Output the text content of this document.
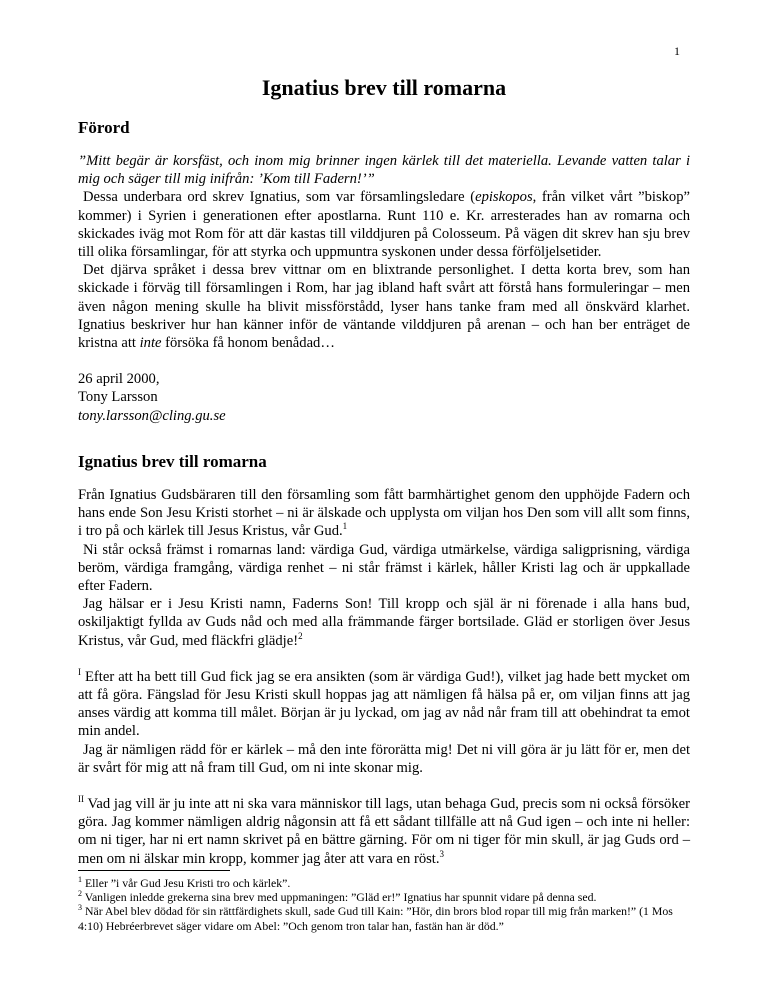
1
Ignatius brev till romarna
Förord

”Mitt begär är korsfäst, och inom mig brinner ingen kärlek till det materiella. Levande vatten talar i mig och säger till mig inifrån: ’Kom till Fadern!’”

Dessa underbara ord skrev Ignatius, som var församlingsledare (episkopos, från vilket vårt ”biskop” kommer) i Syrien i generationen efter apostlarna. Runt 110 e. Kr. arresterades han av romarna och skickades iväg mot Rom för att där kastas till vilddjuren på Colosseum. På vägen dit skrev han sju brev till olika församlingar, för att styrka och uppmuntra syskonen under dessa förföljelsetider.

Det djärva språket i dessa brev vittnar om en blixtrande personlighet. I detta korta brev, som han skickade i förväg till församlingen i Rom, har jag ibland haft svårt att förstå hans formuleringar – men även någon mening skulle ha blivit missförstådd, lyser hans tanke fram med all önskvärd klarhet. Ignatius beskriver hur han känner inför de väntande vilddjuren på arenan – och han ber enträget de kristna att inte försöka få honom benådad…

26 april 2000,

Tony Larsson

tony.larsson@cling.gu.se

Ignatius brev till romarna

Från Ignatius Gudsbäraren till den församling som fått barmhärtighet genom den upphöjde Fadern och hans ende Son Jesu Kristi storhet – ni är älskade och upplysta om viljan hos Den som vill allt som finns, i tro på och kärlek till Jesus Kristus, vår Gud.$^1$

Ni står också främst i romarnas land: värdiga Gud, värdiga utmärkelse, värdiga saligprisning, värdiga beröm, värdiga framgång, värdiga renhet – ni står främst i kärlek, håller Kristi lag och är uppkallade efter Fadern.

Jag hälsar er i Jesu Kristi namn, Faderns Son! Till kropp och själ är ni förenade i alla hans bud, oskiljaktigt fyllda av Guds nåd och med alla främmande färger bortsilade. Gläd er storligen över Jesus Kristus, vår Gud, med fläckfri glädje!$^2$

$^I$ Efter att ha bett till Gud fick jag se era ansikten (som är värdiga Gud!), vilket jag hade bett mycket om att få göra. Fängslad för Jesu Kristi skull hoppas jag att nämligen få hälsa på er, om viljan finns att jag anses värdig att komma till målet. Början är ju lyckad, om jag av nåd når fram till att obehindrat ta emot min andel.

Jag är nämligen rädd för er kärlek – må den inte förorätta mig! Det ni vill göra är ju lätt för er, men det är svårt för mig att nå fram till Gud, om ni inte skonar mig.

$^{II}$ Vad jag vill är ju inte att ni ska vara människor till lags, utan behaga Gud, precis som ni också försöker göra. Jag kommer nämligen aldrig någonsin att få ett sådant tillfälle att nå Gud igen – och inte ni heller: om ni tiger, har ni ert namn skrivet på en bättre gärning. För om ni tiger för min skull, är jag Guds ord – men om ni älskar min kropp, kommer jag åter att vara en röst.$^3$

$^1$ Eller ”i vår Gud Jesu Kristi tro och kärlek”.

$^2$ Vanligen inledde grekerna sina brev med uppmaningen: ”Gläd er!” Ignatius har spunnit vidare på denna sed.

$^3$ När Abel blev dödad för sin rättfärdighets skull, sade Gud till Kain: ”Hör, din brors blod ropar till mig från marken!” (1 Mos 4:10) Hebréerbrevet säger vidare om Abel: ”Och genom tron talar han, fastän han är död.”
